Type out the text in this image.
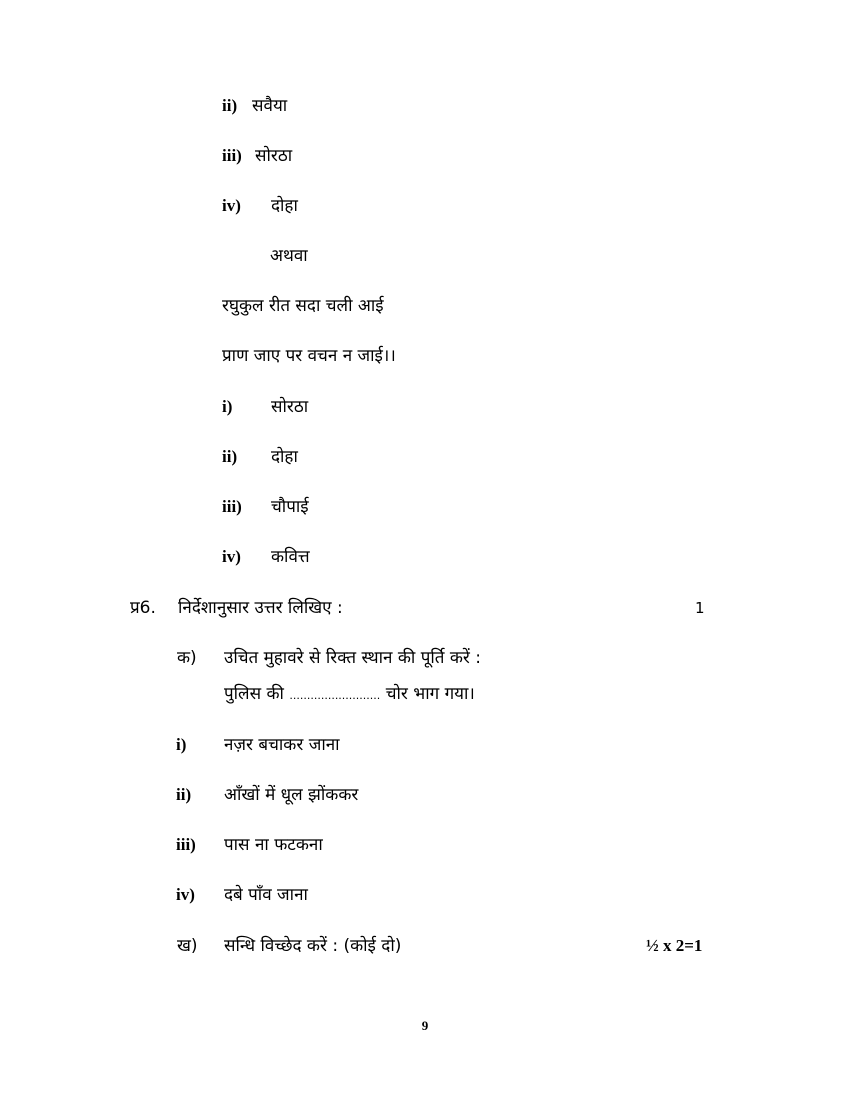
ii) सवैया
iii) सोरठा
iv) दोहा
अथवा
रघुकुल रीत सदा चली आई
प्राण जाए पर वचन न जाई।।
i) सोरठा
ii) दोहा
iii) चौपाई
iv) कवित्त
प्र6. निर्देशानुसार उत्तर लिखिए :	1
क) उचित मुहावरे से रिक्त स्थान की पूर्ति करें :
पुलिस की .......................... चोर भाग गया।
i) नज़र बचाकर जाना
ii) आँखों में धूल झोंककर
iii) पास ना फटकना
iv) दबे पाँव जाना
ख) सन्धि विच्छेद करें : (कोई दो)	½ x 2=1
9
